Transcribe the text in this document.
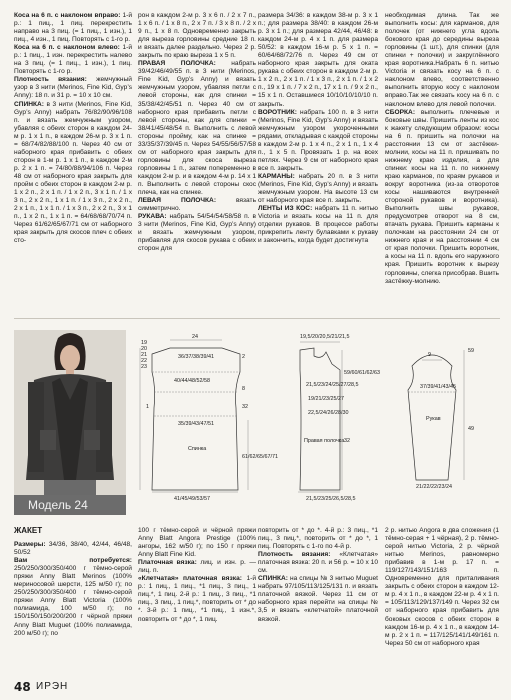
Коса на 6 п. с наклоном вправо: 1-й р.: 1 пиц., 1 пиц. перекрестить направо на 3 пиц. (= 1 пиц., 1 изн.), 1 пиц., 4 изн., 1 пиц. Повторять с 1-го р.

Коса на 6 п. с наклоном влево: 1-й р.: 1 пиц., 1 изн. перекрестить налево на 3 пиц. (= 1 пиц., 1 изн.), 1 пиц. Повторять с 1-го р.

Плотность вязания: жемчужный узор в 3 нити (Merinos, Fine Kid, Gyp’s Anny): 18 п. и 31 р. = 10 х 10 см.

СПИНКА: в 3 нити (Merinos, Fine Kid, Gyp’s Anny) набрать 76/82/90/96/108 п. и вязать жемчужным узором, убавляя с обеих сторон в каждом 24-м р. 1 х 1 п., в каждом 26-м р. 3 х 1 п. = 68/74/82/88/100 п. Через 40 см от наборного края прибавить с обеих сторон в 1-м р. 1 х 1 п., в каждом 2-м р. 2 х 1 п. = 74/80/88/94/106 п. Через 48 см от наборного края закрыть для пройм с обеих сторон в каждом 2-м р. 1 х 2 п., 2 х 1 п. / 1 х 2 п., 3 х 1 п. / 1 х 3 п., 2 х 2 п., 1 х 1 п. / 1 х 3 п., 2 х 2 п., 2 х 1 п., 1 х 1 п. / 1 х 3 п., 2 х 2 п., 3 х 1 п., 1 х 2 п., 1 х 1 п. = 64/68/68/70/74 п. Через 61/62/65/67/71 см от наборного края закрыть для скосов плеч с обеих сто-

рон в каждом 2-м р. 3 х 6 п. / 2 х 7 п., 1 х 6 п. / 1 х 8 п., 2 х 7 п. / 3 х 8 п. / 2 х 9 п., 1 х 8 п. Одновременно закрыть для выреза горловины средние 18 п. и вязать далее раздельно. Через 2 р. закрыть по краю выреза 1 х 5 п.

ПРАВАЯ ПОЛОЧКА: набрать 39/42/46/49/55 п. в 3 нити (Merinos, Fine Kid, Gyp’s Anny) и вязать жемчужным узором, убавляя петли с левой стороны, как для спинки = 35/38/42/45/51 п. Через 40 см от наборного края прибавить петли с левой стороны, как для спинки = 38/41/45/48/54 п. Выполнить с левой стороны пройму, как на спинке = 33/35/37/39/45 п. Через 54/55/56/57/58 см от наборного края закрыть для горловины для скоса выреза горловины 1 п., затем попеременно в каждом 2-м р. и в каждом 4-м р. 14 х 1 п. Выполнить с левой стороны скос плеча, как на спинке.

ЛЕВАЯ ПОЛОЧКА: вязать симметрично.

РУКАВА: набрать 54/54/54/58/58 п. в 3 нити (Merinos, Fine Kid, Gyp’s Anny) и вязать жемчужным узором, прибавляя для скосов рукава с обеих сторон для

размера 34/36: в каждом 38-м р. 3 х 1 п.; для размера 38/40: в каждом 26-м р. 3 х 1 п.; для размера 42/44, 46/48: в каждом 24-м р. 4 х 1 п. для размера 50/52: в каждом 16-м р. 5 х 1 п. = 60/64/68/72/76 п. Через 49 см от наборного края закрыть для оката рукава с обеих сторон в каждом 2-м р. 1 х 2 п., 2 х 1 п. / 1 х 3 п., 2 х 1 п. / 1 х 2 п., 19 х 1 п. / 7 х 2 п., 17 х 1 п. / 9 х 2 п., 15 х 1 п. Оставшиеся 10/10/10/10/10 п. закрыть.

ВОРОТНИК: набрать 100 п. в 3 нити (Merinos, Fine Kid, Gyp’s Anny) и вязать жемчужным узором укороченными рядами, откладывая с каждой стороны в каждом 2-м р. 1 х 4 п., 2 х 1 п., 1 х 4 п., 1 х 5 п. Провязать 1 р. на всех петлях. Через 9 см от наборного края все п. закрыть.

КАРМАНЫ: набрать 20 п. в 3 нити (Merinos, Fine Kid, Gyp’s Anny) и вязать жемчужным узором. На высоте 13 см от наборного края все п. закрыть.

ЛЕНТЫ ИЗ КОС: набрать 11 п. нитью Victoria и вязать косы на 11 п. для отделки рукавов. В процессе работы прикрепить ленту булавками к рукаву и закончить, когда будет достигнута

необходимая длина. Так же выполнить косы: для карманов, для полочек (от нижнего угла вдоль бокового края до середины выреза горловины (1 шт.), для спинки (для спинки + полочки) и закруглённого края воротника.Набрать 6 п. нитью Victoria и связать косу на 6 п. с наклоном влево, соответственно выполнить вторую косу с наклоном вправо.Так же связать косу на 6 п. с наклоном влево для левой полочки.

СБОРКА: выполнить плечевые и боковые швы. Пришить ленты из кос к жакету следующим образом: косы на 6 п. пришить на полочки на расстоянии 13 см от застёжки-молнии, косы на 11 п. пришивать по нижнему краю изделия, а для спинки: косы на 11 п. по нижнему краю карманов, по краям рукавов и вокруг воротника (из-за отворотов косы нашиваются внутренней стороной рукавов и воротника). Выполнить швы рукавов, предусмотрев отворот на 8 см, втачать рукава. Пришить карманы к полочкам на расстоянии 24 см от нижнего края и на расстоянии 4 см от края полочки. Пришить воротник, а косы на 11 п. вдоль его наружного края. Пришить воротник к вырезу горловины, слегка присобрав. Вшить застёжку-молнию.

Модель 24
24
36/37/38/39/41
40/44/48/52/58
35/39/43/47/51
41/45/49/53/57
32
61/62/65/67/71
Спинка
19
20
21
22
23
2
8
1
19,5/20/20,5/21/21,5
59/60/61/62/63
21,5/23/24/25/27/28,5
19/21/23/25/27
22,5/24/26/28/30
21,5/23/25/26,5/28,5
32
Правая полочка
9
59
37/39/41/43/45
49
21/22/22/23/24
Рукав
ЖАКЕТ

Размеры: 34/36, 38/40, 42/44, 46/48, 50/52

Вам потребуется: 250/250/300/350/400 г тёмно-серой пряжи Anny Blatt Merinos (100% мериносовой шерсти, 125 м/50 г); по 250/250/300/350/400 г тёмно-серой пряжи Anny Blatt Victoria (100% полиамида, 100 м/50 г); по 150/150/150/200/200 г чёрной пряжи Anny Blatt Muguet (100% полиамида, 200 м/50 г); по

100 г тёмно-серой и чёрной пряжи Anny Blatt Angora Prestige (100% ангоры, 162 м/50 г); по 150 г пряжи Anny Blatt Fine Kid.

Платочная вязка: лиц. и изн. р. — лиц. п.

«Клетчатая» платочная вязка: 1-й р.: 1 пиц., 1 пиц., *1 пиц., 3 пиц., 1 пиц.*, 1 пиц. 2-й р.: 1 пиц., 3 пиц., *1 пиц., 3 пиц., 1 пиц.*, повторить от * до *. 3-й р.: 1 пиц., *1 пиц., 1 изн.*, повторить от * до *, 1 пиц.

повторить от * до *. 4-й р.: 3 пиц., *1 пиц., 3 пиц.*, повторить от * до *, 1 пиц. Повторять с 1-го по 4-й р.

Плотность вязания: «Клетчатая» платочная вязка: 20 п. и 56 р. = 10 х 10 см.

СПИНКА: на спицы № 3 нитью Muguet набрать 97/105/113/125/131 п. и вязать платочной вязкой. Через 11 см от наборного края перейти на спицы № 3,5 и вязать «клетчатой» платочной вязкой.

2 р. нитью Angora в два сложения (1 тёмно-серая + 1 чёрная), 2 р. тёмно-серой нитью Victoria, 2 р. чёрной нитью Merinos, равномерно прибавив в 1-м р. 17 п. = 119/127/143/151/163 п. Одновременно для приталивания закрыть с обеих сторон в каждом 12-м р. 4 х 1 п., в каждом 22-м р. 4 х 1 п. = 105/113/129/137/149 п. Через 32 см от наборного края прибавить для боковых скосов с обеих сторон в каждом 16-м р. 4 х 1 п., в каждом 14-м р. 2 х 1 п. = 117/125/141/149/161 п. Через 50 см от наборного края

48 ИРЭН
